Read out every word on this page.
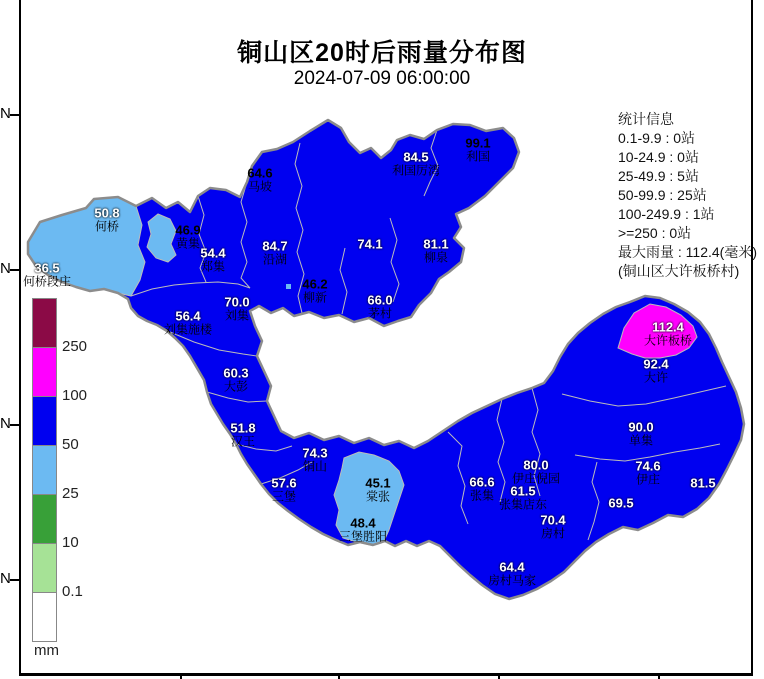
36.5
何桥段庄
50.8
何桥	46.9
黄集
54.4
郑集
64.6
马坡
84.5
利国厉湾
99.1
利国
74.1	81.1
柳泉
84.7
沿湖
46.2
柳新	66.0
茅村
70.0
刘集
56.4
刘集施楼
60.3
大彭
51.8
汉王
74.3
铜山
57.6
三堡
45.1
棠张
48.4
三堡胜阳
66.6
张集	61.5
张集店东
80.0
伊庄倪园
70.4
房村
64.4
房村马家
69.5
74.6
伊庄 81.5
90.0
单集
92.4
大许
112.4
大许板桥
N
N
N
N
铜山区20时后雨量分布图
2024-07-09 06:00:00
统计信息
0.1-9.9 : 0站
10-24.9 : 0站
25-49.9 : 5站
50-99.9 : 25站
100-249.9 : 1站
>=250 : 0站
最大雨量 : 112.4(毫米)
(铜山区大许板桥村)
250
100
50
25
10
0.1
mm
